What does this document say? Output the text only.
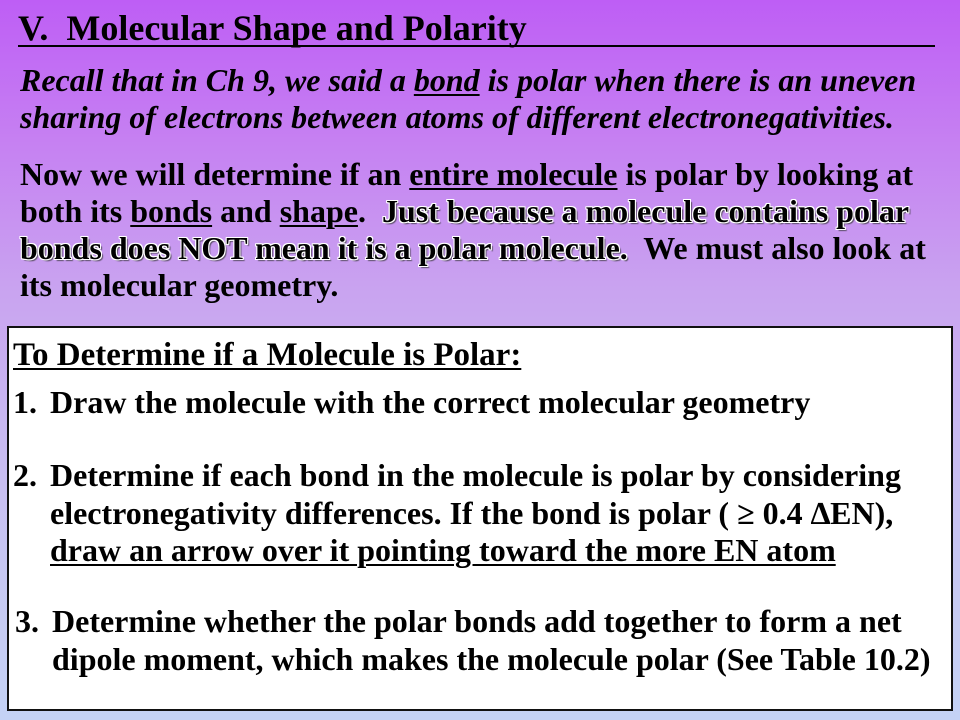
V.  Molecular Shape and Polarity
Recall that in Ch 9, we said a bond is polar when there is an uneven
sharing of electrons between atoms of different electronegativities.
Now we will determine if an entire molecule is polar by looking at
both its bonds and shape.  Just because a molecule contains polar
bonds does NOT mean it is a polar molecule.  We must also look at
its molecular geometry.
To Determine if a Molecule is Polar:
1. Draw the molecule with the correct molecular geometry
2. Determine if each bond in the molecule is polar by considering
electronegativity differences. If the bond is polar ( ≥ 0.4 ∆EN),
draw an arrow over it pointing toward the more EN atom
3. Determine whether the polar bonds add together to form a net
dipole moment, which makes the molecule polar (See Table 10.2)
